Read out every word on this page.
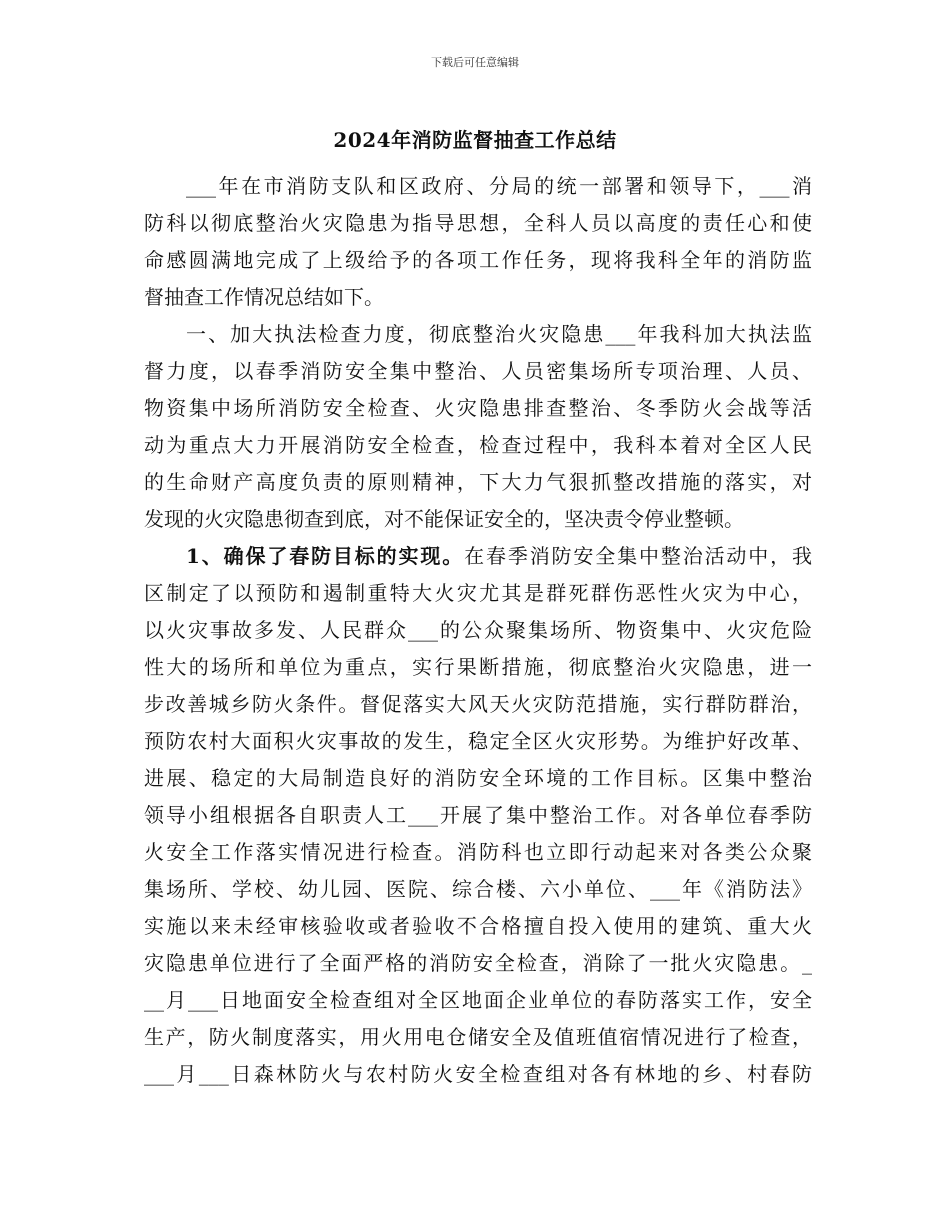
下载后可任意编辑
2024年消防监督抽查工作总结
___年在市消防支队和区政府、分局的统一部署和领导下，___消
防科以彻底整治火灾隐患为指导思想，全科人员以高度的责任心和使
命感圆满地完成了上级给予的各项工作任务，现将我科全年的消防监
督抽查工作情况总结如下。
一、加大执法检查力度，彻底整治火灾隐患___年我科加大执法监
督力度，以春季消防安全集中整治、人员密集场所专项治理、人员、
物资集中场所消防安全检查、火灾隐患排查整治、冬季防火会战等活
动为重点大力开展消防安全检查，检查过程中，我科本着对全区人民
的生命财产高度负责的原则精神，下大力气狠抓整改措施的落实，对
发现的火灾隐患彻查到底，对不能保证安全的，坚决责令停业整顿。
1、确保了春防目标的实现。在春季消防安全集中整治活动中，我
区制定了以预防和遏制重特大火灾尤其是群死群伤恶性火灾为中心，
以火灾事故多发、人民群众___的公众聚集场所、物资集中、火灾危险
性大的场所和单位为重点，实行果断措施，彻底整治火灾隐患，进一
步改善城乡防火条件。督促落实大风天火灾防范措施，实行群防群治，
预防农村大面积火灾事故的发生，稳定全区火灾形势。为维护好改革、
进展、稳定的大局制造良好的消防安全环境的工作目标。区集中整治
领导小组根据各自职责人工___开展了集中整治工作。对各单位春季防
火安全工作落实情况进行检查。消防科也立即行动起来对各类公众聚
集场所、学校、幼儿园、医院、综合楼、六小单位、___年《消防法》
实施以来未经审核验收或者验收不合格擅自投入使用的建筑、重大火
灾隐患单位进行了全面严格的消防安全检查，消除了一批火灾隐患。_
__月___日地面安全检查组对全区地面企业单位的春防落实工作，安全
生产，防火制度落实，用火用电仓储安全及值班值宿情况进行了检查，
___月___日森林防火与农村防火安全检查组对各有林地的乡、村春防
